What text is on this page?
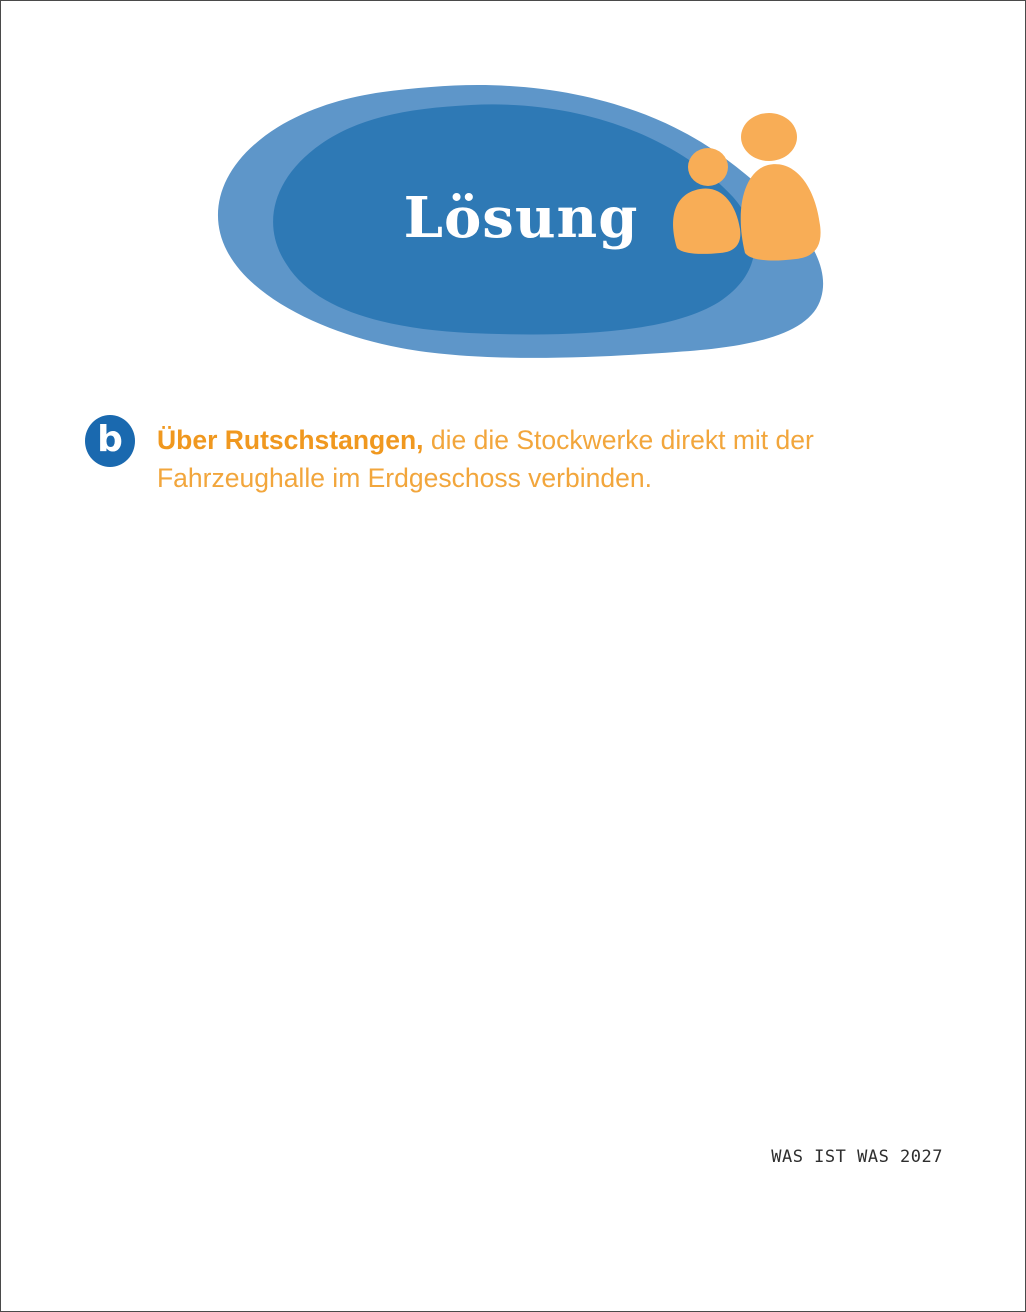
Lösung
b	Über Rutschstangen, die die Stockwerke direkt mit der Fahrzeughalle im Erdgeschoss verbinden.

WAS IST WAS 2027
